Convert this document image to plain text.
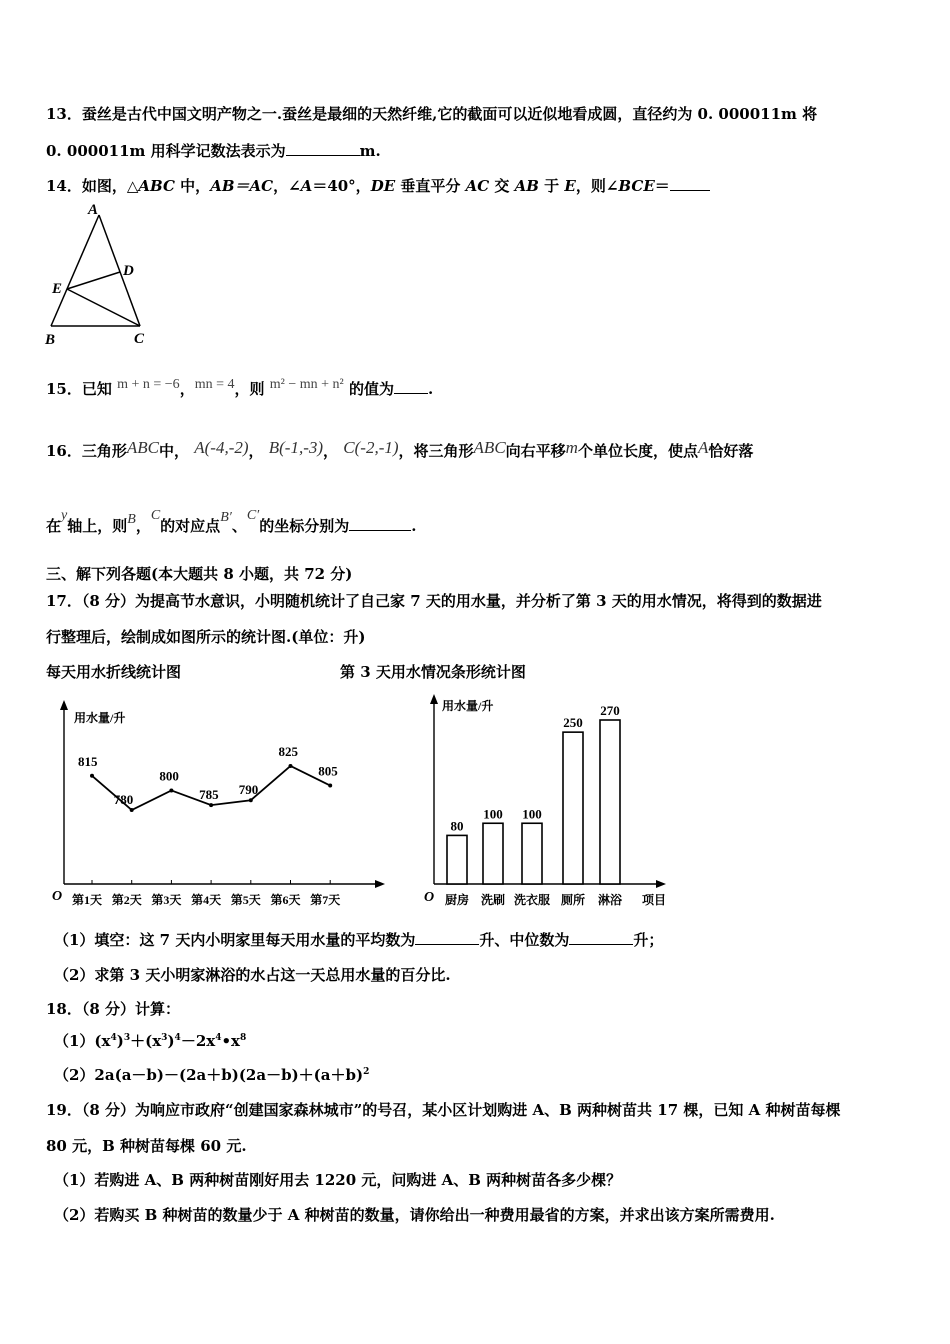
13．蚕丝是古代中国文明产物之一.蚕丝是最细的天然纤维,它的截面可以近似地看成圆，直径约为 0. 000011m 将
0. 000011m 用科学记数法表示为	m.
14．如图，△ABC 中，AB＝AC，∠A＝40°，DE 垂直平分 AC 交 AB 于 E，则∠BCE＝
A
D
E
B	C
15．已知 m + n = −6，mn = 4，则 m² − mn + n² 的值为 .
16．三角形ABC中， A(-4,-2)， B(-1,-3)， C(-2,-1)，将三角形ABC向右平移m个单位长度，使点A恰好落
在y轴上，则B，C的对应点B′、C′的坐标分别为	.
三、解下列各题(本大题共 8 小题，共 72 分)
17．（8 分）为提高节水意识，小明随机统计了自己家 7 天的用水量，并分析了第 3 天的用水情况，将得到的数据进
行整理后，绘制成如图所示的统计图.(单位：升)
每天用水折线统计图	第 3 天用水情况条形统计图
用水量/升
O
815
第1天
780
第2天
800
第3天
785
第4天
790
第5天
825
第6天
805
第7天
用水量/升
O	项目
80
厨房
100
洗刷
100
洗衣服
250
厕所
270
淋浴
（1）填空：这 7 天内小明家里每天用水量的平均数为	升、中位数为	升；
（2）求第 3 天小明家淋浴的水占这一天总用水量的百分比.
18．（8 分）计算：
$(1)(x^4)^3+(x^3)^4-2x^4•x^8$
$(2)2a(a-b)-(2a+b)(2a-b)+(a+b)^2$
19．（8 分）为响应市政府“创建国家森林城市”的号召，某小区计划购进 A、B 两种树苗共 17 棵，已知 A 种树苗每棵
80 元，B 种树苗每棵 60 元.
（1）若购进 A、B 两种树苗刚好用去 1220 元，问购进 A、B 两种树苗各多少棵？
（2）若购买 B 种树苗的数量少于 A 种树苗的数量，请你给出一种费用最省的方案，并求出该方案所需费用.
